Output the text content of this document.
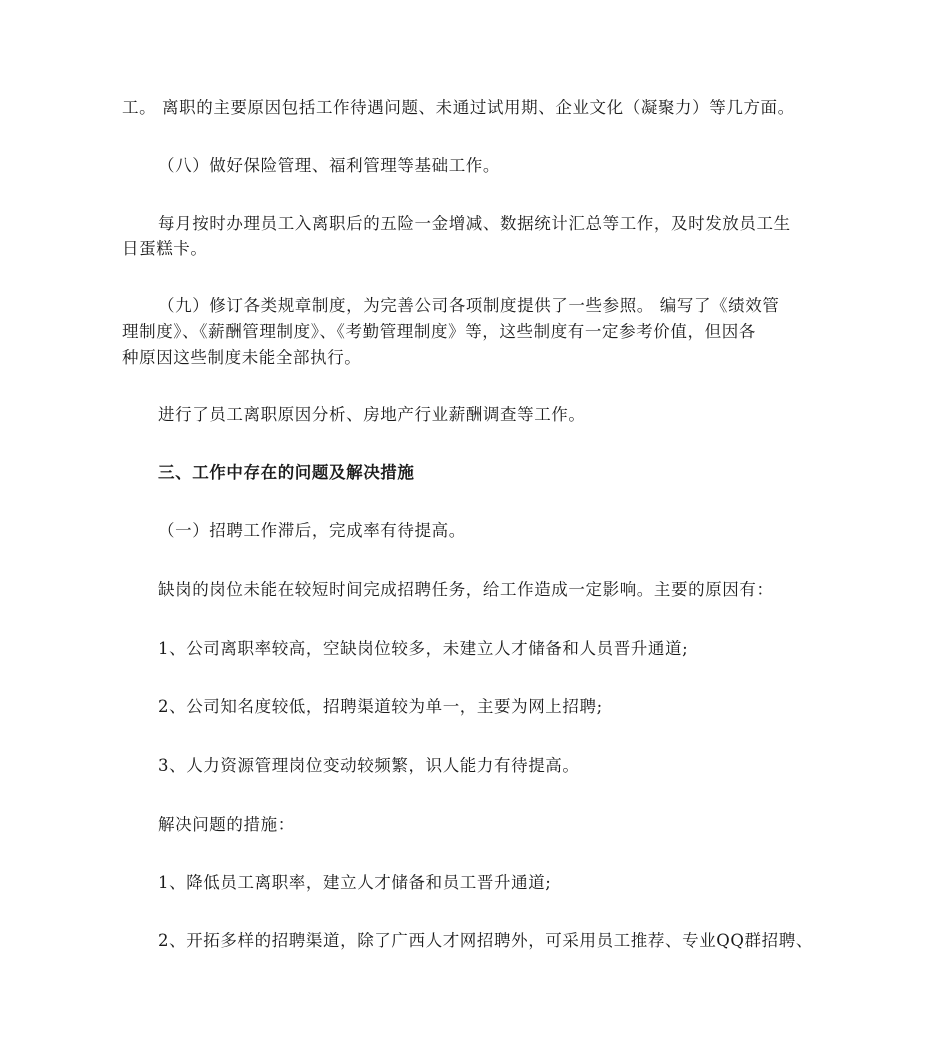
工。 离职的主要原因包括工作待遇问题、未通过试用期、企业文化（凝聚力）等几方面。
（八）做好保险管理、福利管理等基础工作。
每月按时办理员工入离职后的五险一金增减、数据统计汇总等工作，及时发放员工生
日蛋糕卡。
（九）修订各类规章制度，为完善公司各项制度提供了一些参照。 编写了《绩效管
理制度》、《薪酬管理制度》、《考勤管理制度》等，这些制度有一定参考价值，但因各
种原因这些制度未能全部执行。
进行了员工离职原因分析、房地产行业薪酬调查等工作。
三、工作中存在的问题及解决措施
（一）招聘工作滞后，完成率有待提高。
缺岗的岗位未能在较短时间完成招聘任务，给工作造成一定影响。主要的原因有：
1、公司离职率较高，空缺岗位较多，未建立人才储备和人员晋升通道;
2、公司知名度较低，招聘渠道较为单一，主要为网上招聘;
3、人力资源管理岗位变动较频繁，识人能力有待提高。
解决问题的措施：
1、降低员工离职率，建立人才储备和员工晋升通道;
2、开拓多样的招聘渠道，除了广西人才网招聘外，可采用员工推荐、专业QQ群招聘、
